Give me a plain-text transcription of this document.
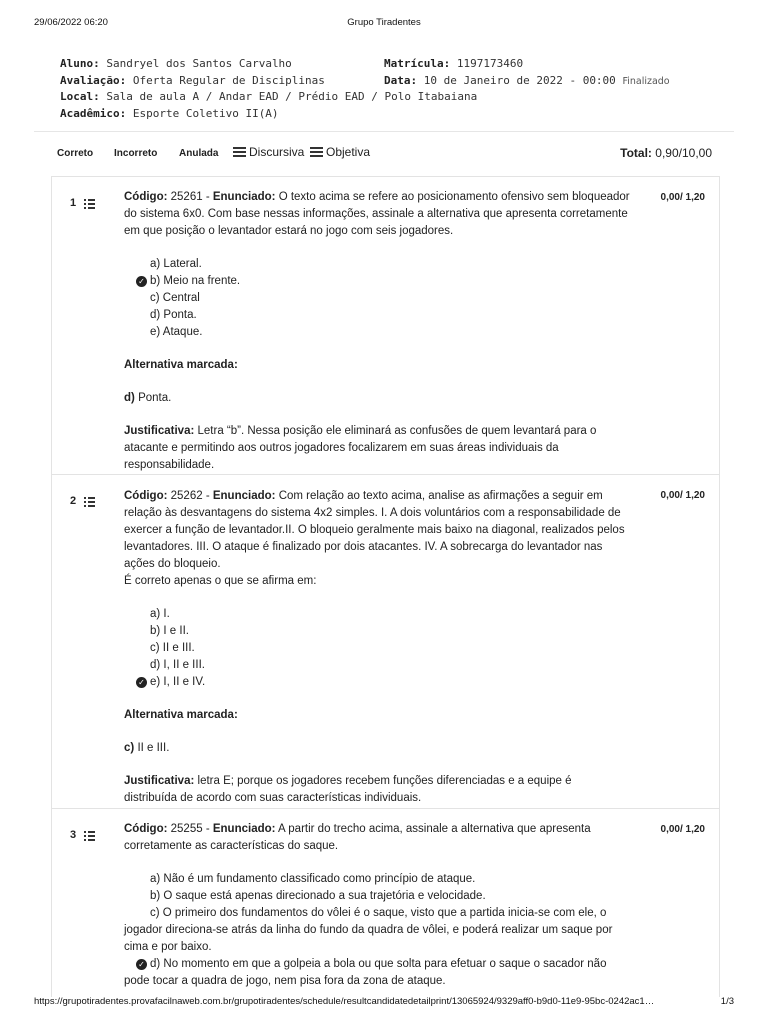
29/06/2022 06:20	Grupo Tiradentes
Aluno: Sandryel dos Santos Carvalho	Matrícula: 1197173460
Avaliação: Oferta Regular de Disciplinas	Data: 10 de Janeiro de 2022 - 00:00 Finalizado
Local: Sala de aula A / Andar EAD / Prédio EAD / Polo Itabaiana
Acadêmico: Esporte Coletivo II(A)
Correto Incorreto Anulada	Discursiva Objetiva	Total: 0,90/10,00
1	0,00/ 1,20
Código: 25261 - Enunciado: O texto acima se refere ao posicionamento ofensivo sem bloqueador
do sistema 6x0. Com base nessas informações, assinale a alternativa que apresenta corretamente
em que posição o levantador estará no jogo com seis jogadores.
a) Lateral.
✓ b) Meio na frente.
c) Central
d) Ponta.
e) Ataque.
Alternativa marcada:
d) Ponta.
Justificativa: Letra “b”. Nessa posição ele eliminará as confusões de quem levantará para o
atacante e permitindo aos outros jogadores focalizarem em suas áreas individuais da
responsabilidade.
2	0,00/ 1,20
Código: 25262 - Enunciado: Com relação ao texto acima, analise as afirmações a seguir em
relação às desvantagens do sistema 4x2 simples. I. A dois voluntários com a responsabilidade de
exercer a função de levantador.II. O bloqueio geralmente mais baixo na diagonal, realizados pelos
levantadores. III. O ataque é finalizado por dois atacantes. IV. A sobrecarga do levantador nas
ações do bloqueio.
É correto apenas o que se afirma em:
a) I.
b) I e II.
c) II e III.
d) I, II e III.
✓ e) I, II e IV.
Alternativa marcada:
c) II e III.
Justificativa: letra E; porque os jogadores recebem funções diferenciadas e a equipe é
distribuída de acordo com suas características individuais.
3	0,00/ 1,20
Código: 25255 - Enunciado: A partir do trecho acima, assinale a alternativa que apresenta
corretamente as características do saque.
a) Não é um fundamento classificado como princípio de ataque.
b) O saque está apenas direcionado a sua trajetória e velocidade.
c) O primeiro dos fundamentos do vôlei é o saque, visto que a partida inicia-se com ele, o
jogador direciona-se atrás da linha do fundo da quadra de vôlei, e poderá realizar um saque por
cima e por baixo.
✓ d) No momento em que a golpeia a bola ou que solta para efetuar o saque o sacador não
pode tocar a quadra de jogo, nem pisa fora da zona de ataque.
https://grupotiradentes.provafacilnaweb.com.br/grupotiradentes/schedule/resultcandidatedetailprint/13065924/9329aff0-b9d0-11e9-95bc-0242ac1…	1/3
